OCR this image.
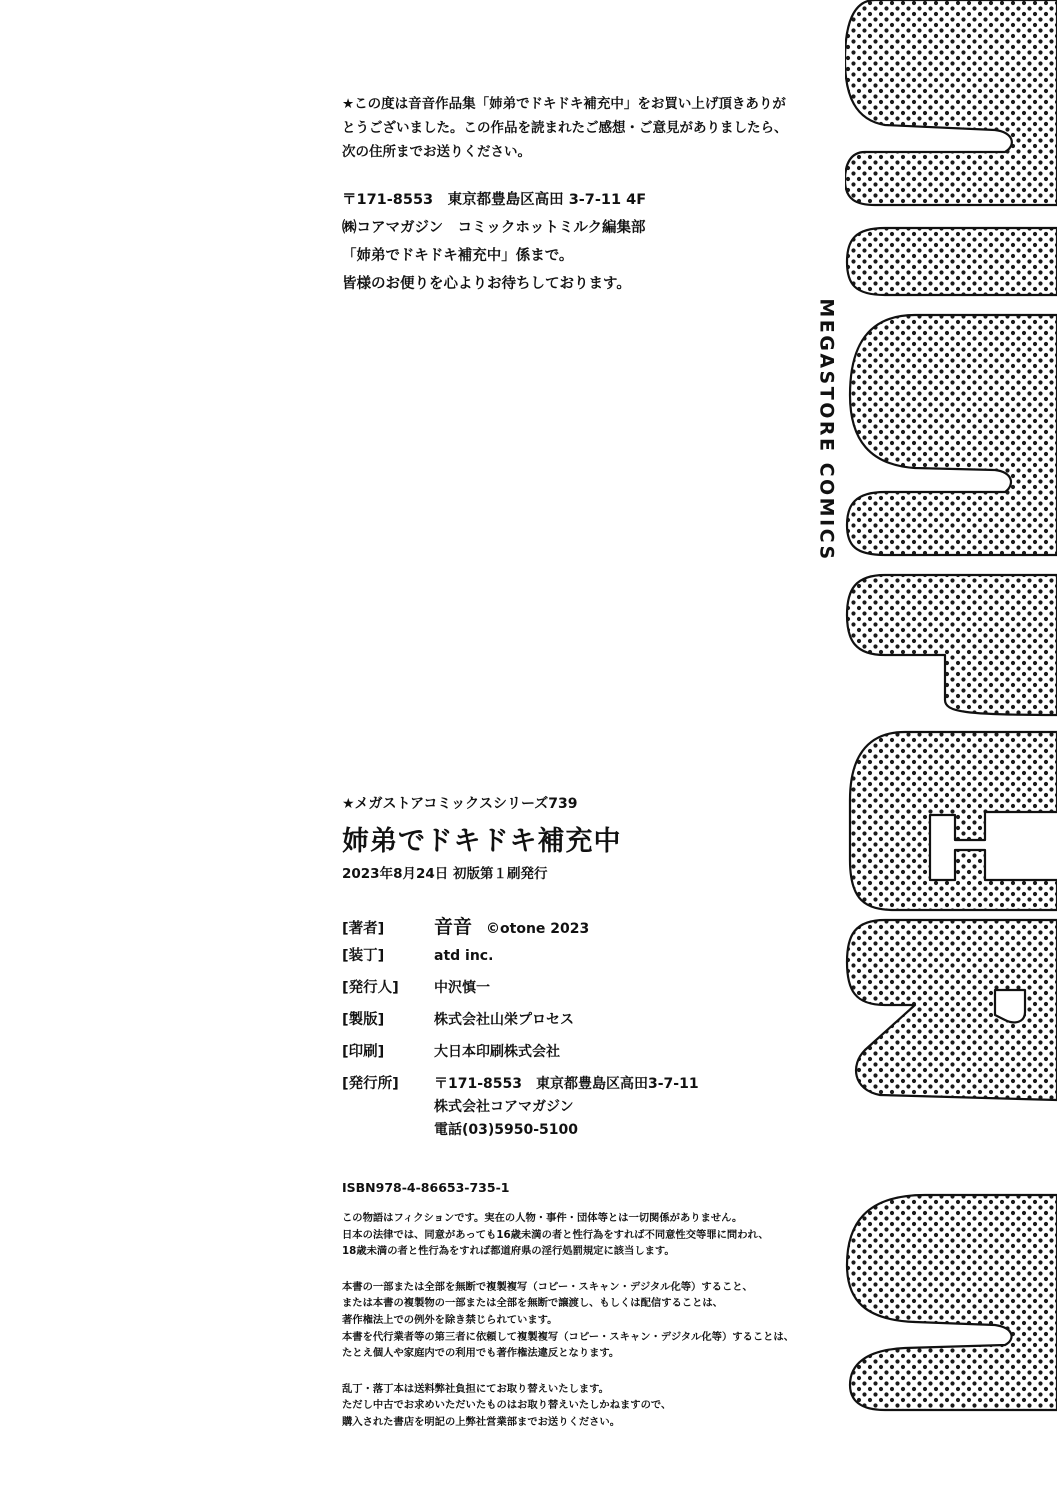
★この度は音音作品集「姉弟でドキドキ補充中」をお買い上げ頂きありが

とうございました。この作品を読まれたご感想・ご意見がありましたら、

次の住所までお送りください。

〒171-8553　東京都豊島区高田 3-7-11 4F

㈱コアマガジン　コミックホットミルク編集部

「姉弟でドキドキ補充中」係まで。

皆様のお便りを心よりお待ちしております。

MEGASTORE COMICS
★メガストアコミックスシリーズ739
姉弟でドキドキ補充中
2023年8月24日 初版第１刷発行
[著者]	音音 ©otone 2023
[装丁]	atd inc.
[発行人]	中沢慎一
[製版]	株式会社山栄プロセス
[印刷]	大日本印刷株式会社
[発行所]	〒171-8553　東京都豊島区高田3-7-11
株式会社コアマガジン
電話(03)5950-5100
ISBN978-4-86653-735-1

この物語はフィクションです。実在の人物・事件・団体等とは一切関係がありません。

日本の法律では、同意があっても16歳未満の者と性行為をすれば不同意性交等罪に問われ、

18歳未満の者と性行為をすれば都道府県の淫行処罰規定に該当します。

本書の一部または全部を無断で複製複写（コピー・スキャン・デジタル化等）すること、

または本書の複製物の一部または全部を無断で譲渡し、もしくは配信することは、

著作権法上での例外を除き禁じられています。

本書を代行業者等の第三者に依頼して複製複写（コピー・スキャン・デジタル化等）することは、

たとえ個人や家庭内での利用でも著作権法違反となります。

乱丁・落丁本は送料弊社負担にてお取り替えいたします。

ただし中古でお求めいただいたものはお取り替えいたしかねますので、

購入された書店を明記の上弊社営業部までお送りください。
